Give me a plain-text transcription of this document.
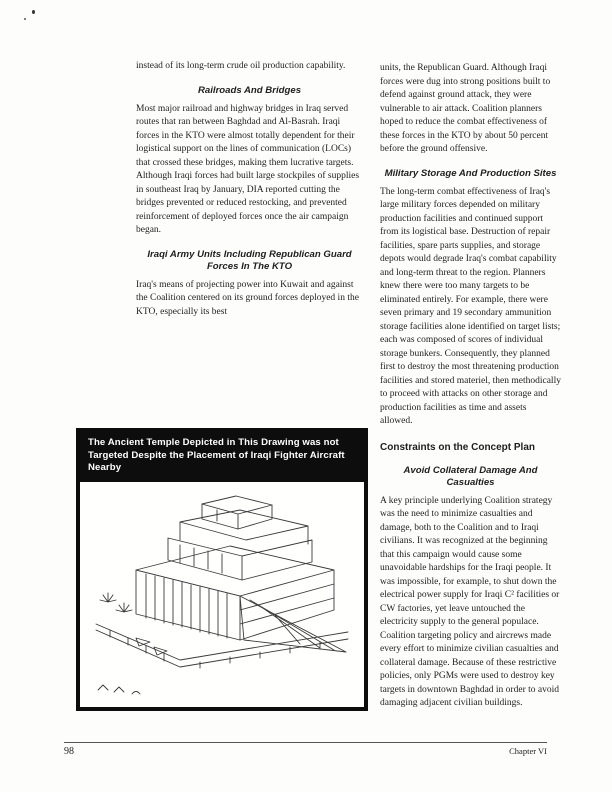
instead of its long-term crude oil production capability.

Railroads And Bridges

Most major railroad and highway bridges in Iraq served routes that ran between Baghdad and Al-Basrah. Iraqi forces in the KTO were almost totally dependent for their logistical support on the lines of communication (LOCs) that crossed these bridges, making them lucrative targets. Although Iraqi forces had built large stockpiles of supplies in southeast Iraq by January, DIA reported cutting the bridges prevented or reduced restocking, and prevented reinforcement of deployed forces once the air campaign began.

Iraqi Army Units Including Republican Guard Forces In The KTO

Iraq's means of projecting power into Kuwait and against the Coalition centered on its ground forces deployed in the KTO, especially its best

The Ancient Temple Depicted in This Drawing was not Targeted Despite the Placement of Iraqi Fighter Aircraft Nearby

units, the Republican Guard. Although Iraqi forces were dug into strong positions built to defend against ground attack, they were vulnerable to air attack. Coalition planners hoped to reduce the combat effectiveness of these forces in the KTO by about 50 percent before the ground offensive.

Military Storage And Production Sites

The long-term combat effectiveness of Iraq's large military forces depended on military production facilities and continued support from its logistical base. Destruction of repair facilities, spare parts supplies, and storage depots would degrade Iraq's combat capability and long-term threat to the region. Planners knew there were too many targets to be eliminated entirely. For example, there were seven primary and 19 secondary ammunition storage facilities alone identified on target lists; each was composed of scores of individual storage bunkers. Consequently, they planned first to destroy the most threatening production facilities and stored materiel, then methodically to proceed with attacks on other storage and production facilities as time and assets allowed.

Constraints on the Concept Plan
Avoid Collateral Damage And Casualties

A key principle underlying Coalition strategy was the need to minimize casualties and damage, both to the Coalition and to Iraqi civilians. It was recognized at the beginning that this campaign would cause some unavoidable hardships for the Iraqi people. It was impossible, for example, to shut down the electrical power supply for Iraqi C² facilities or CW factories, yet leave untouched the electricity supply to the general populace. Coalition targeting policy and aircrews made every effort to minimize civilian casualties and collateral damage. Because of these restrictive policies, only PGMs were used to destroy key targets in downtown Baghdad in order to avoid damaging adjacent civilian buildings.

98	Chapter VI
